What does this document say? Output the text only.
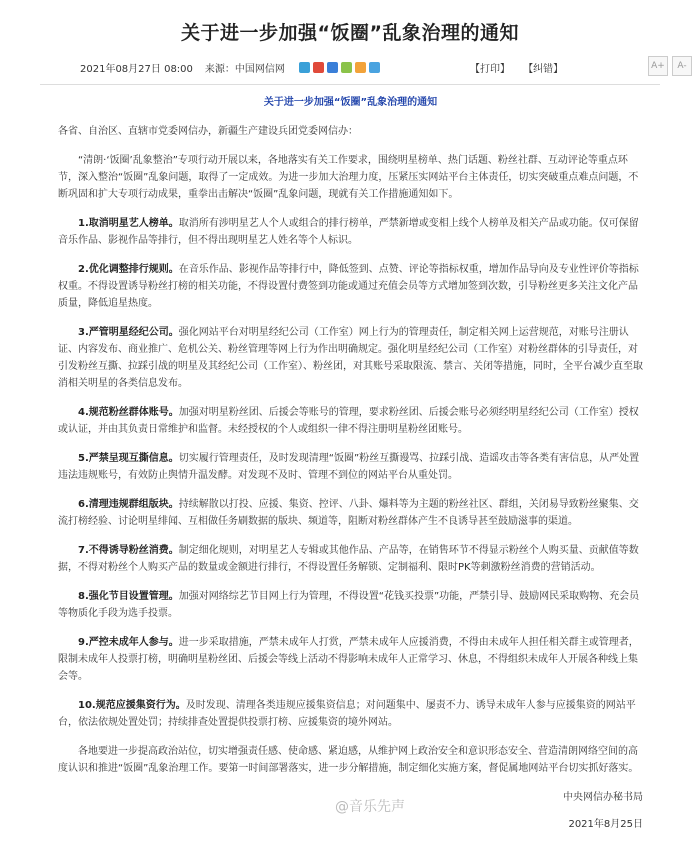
关于进一步加强“饭圈”乱象治理的通知
2021年08月27日 08:00 来源：中国网信网	【打印】 【纠错】	A+	A-

关于进一步加强“饭圈”乱象治理的通知

各省、自治区、直辖市党委网信办，新疆生产建设兵团党委网信办：

“清朗·‘饭圈’乱象整治”专项行动开展以来，各地落实有关工作要求，围绕明星榜单、热门话题、粉丝社群、互动评论等重点环节，深入整治“饭圈”乱象问题，取得了一定成效。为进一步加大治理力度，压紧压实网站平台主体责任，切实突破重点难点问题，不断巩固和扩大专项行动成果，重拳出击解决“饭圈”乱象问题，现就有关工作措施通知如下。

1.取消明星艺人榜单。取消所有涉明星艺人个人或组合的排行榜单，严禁新增或变相上线个人榜单及相关产品或功能。仅可保留音乐作品、影视作品等排行，但不得出现明星艺人姓名等个人标识。

2.优化调整排行规则。在音乐作品、影视作品等排行中，降低签到、点赞、评论等指标权重，增加作品导向及专业性评价等指标权重。不得设置诱导粉丝打榜的相关功能，不得设置付费签到功能或通过充值会员等方式增加签到次数，引导粉丝更多关注文化产品质量，降低追星热度。

3.严管明星经纪公司。强化网站平台对明星经纪公司（工作室）网上行为的管理责任，制定相关网上运营规范，对账号注册认证、内容发布、商业推广、危机公关、粉丝管理等网上行为作出明确规定。强化明星经纪公司（工作室）对粉丝群体的引导责任，对引发粉丝互撕、拉踩引战的明星及其经纪公司（工作室）、粉丝团，对其账号采取限流、禁言、关闭等措施，同时，全平台减少直至取消相关明星的各类信息发布。

4.规范粉丝群体账号。加强对明星粉丝团、后援会等账号的管理，要求粉丝团、后援会账号必须经明星经纪公司（工作室）授权或认证，并由其负责日常维护和监督。未经授权的个人或组织一律不得注册明星粉丝团账号。

5.严禁呈现互撕信息。切实履行管理责任，及时发现清理“饭圈”粉丝互撕谩骂、拉踩引战、造谣攻击等各类有害信息，从严处置违法违规账号，有效防止舆情升温发酵。对发现不及时、管理不到位的网站平台从重处罚。

6.清理违规群组版块。持续解散以打投、应援、集资、控评、八卦、爆料等为主题的粉丝社区、群组，关闭易导致粉丝聚集、交流打榜经验、讨论明星绯闻、互相做任务刷数据的版块、频道等，阻断对粉丝群体产生不良诱导甚至鼓励滋事的渠道。

7.不得诱导粉丝消费。制定细化规则，对明星艺人专辑或其他作品、产品等，在销售环节不得显示粉丝个人购买量、贡献值等数据，不得对粉丝个人购买产品的数量或金额进行排行，不得设置任务解锁、定制福利、限时PK等刺激粉丝消费的营销活动。

8.强化节目设置管理。加强对网络综艺节目网上行为管理，不得设置“花钱买投票”功能，严禁引导、鼓励网民采取购物、充会员等物质化手段为选手投票。

9.严控未成年人参与。进一步采取措施，严禁未成年人打赏，严禁未成年人应援消费，不得由未成年人担任相关群主或管理者，限制未成年人投票打榜，明确明星粉丝团、后援会等线上活动不得影响未成年人正常学习、休息，不得组织未成年人开展各种线上集会等。

10.规范应援集资行为。及时发现、清理各类违规应援集资信息；对问题集中、屡责不力、诱导未成年人参与应援集资的网站平台，依法依规处置处罚；持续排查处置提供投票打榜、应援集资的境外网站。

各地要进一步提高政治站位，切实增强责任感、使命感、紧迫感，从维护网上政治安全和意识形态安全、营造清朗网络空间的高度认识和推进“饭圈”乱象治理工作。要第一时间部署落实，进一步分解措施，制定细化实施方案，督促属地网站平台切实抓好落实。

中央网信办秘书局

2021年8月25日

@音乐先声
